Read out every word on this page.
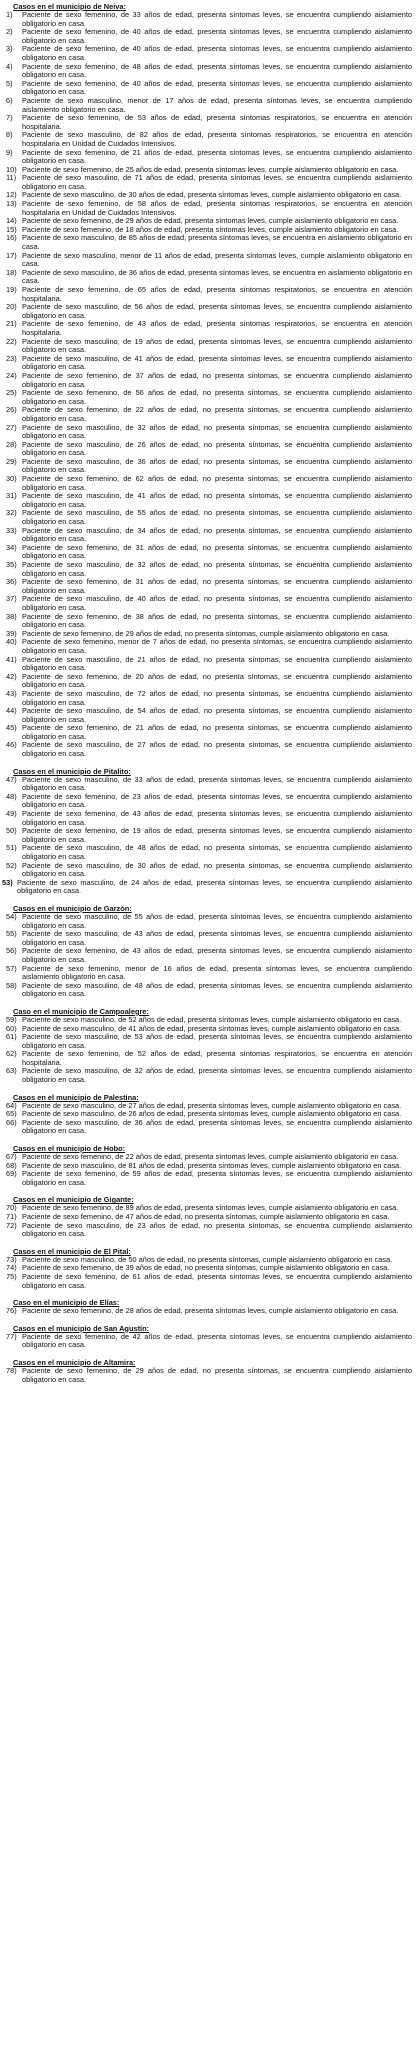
Casos en el municipio de Neiva:
1) Paciente de sexo femenino, de 33 años de edad, presenta síntomas leves, se encuentra cumpliendo aislamiento obligatorio en casa.
2) Paciente de sexo femenino, de 40 años de edad, presenta síntomas leves, se encuentra cumpliendo aislamiento obligatorio en casa.
3) Paciente de sexo femenino, de 40 años de edad, presenta síntomas leves, se encuentra cumpliendo aislamiento obligatorio en casa.
4) Paciente de sexo femenino, de 48 años de edad, presenta síntomas leves, se encuentra cumpliendo aislamiento obligatorio en casa.
5) Paciente de sexo femenino, de 40 años de edad, presenta síntomas leves, se encuentra cumpliendo aislamiento obligatorio en casa.
6) Paciente de sexo masculino, menor de 17 años de edad, presenta síntomas leves, se encuentra cumpliendo aislamiento obligatorio en casa.
7) Paciente de sexo femenino, de 53 años de edad, presenta síntomas respiratorios, se encuentra en atención hospitalaria.
8) Paciente de sexo masculino, de 82 años de edad, presenta síntomas respiratorios, se encuentra en atención hospitalaria en Unidad de Cuidados Intensivos.
9) Paciente de sexo femenino, de 21 años de edad, presenta síntomas leves, se encuentra cumpliendo aislamiento obligatorio en casa.
10) Paciente de sexo femenino, de 25 años de edad, presenta síntomas leves, cumple aislamiento obligatorio en casa.
11) Paciente de sexo masculino, de 71 años de edad, presenta síntomas leves, se encuentra cumpliendo aislamiento obligatorio en casa.
12) Paciente de sexo masculino, de 30 años de edad, presenta síntomas leves, cumple aislamiento obligatorio en casa.
13) Paciente de sexo femenino, de 58 años de edad, presenta síntomas respiratorios, se encuentra en atención hospitalaria en Unidad de Cuidados Intensivos.
14) Paciente de sexo femenino, de 29 años de edad, presenta síntomas leves, cumple aislamiento obligatorio en casa.
15) Paciente de sexo femenino, de 18 años de edad, presenta síntomas leves, cumple aislamiento obligatorio en casa.
16) Paciente de sexo masculino, de 85 años de edad, presenta síntomas leves, se encuentra en aislamiento obligatorio en casa.
17) Paciente de sexo masculino, menor de 11 años de edad, presenta síntomas leves, cumple aislamiento obligatorio en casa.
18) Paciente de sexo masculino, de 36 años de edad, presenta síntomas leves, se encuentra en aislamiento obligatorio en casa.
19) Paciente de sexo femenino, de 65 años de edad, presenta síntomas respiratorios, se encuentra en atención hospitalaria.
20) Paciente de sexo masculino, de 56 años de edad, presenta síntomas leves, se encuentra cumpliendo aislamiento obligatorio en casa.
21) Paciente de sexo femenino, de 43 años de edad, presenta síntomas respiratorios, se encuentra en atención hospitalaria.
22) Paciente de sexo masculino, de 19 años de edad, presenta síntomas leves, se encuentra cumpliendo aislamiento obligatorio en casa.
23) Paciente de sexo masculino, de 41 años de edad, presenta síntomas leves, se encuentra cumpliendo aislamiento obligatorio en casa.
24) Paciente de sexo femenino, de 37 años de edad, no presenta síntomas, se encuentra cumpliendo aislamiento obligatorio en casa.
25) Paciente de sexo femenino, de 56 años de edad, no presenta síntomas, se encuentra cumpliendo aislamiento obligatorio en casa.
26) Paciente de sexo femenino, de 22 años de edad, no presenta síntomas, se encuentra cumpliendo aislamiento obligatorio en casa.
27) Paciente de sexo masculino, de 32 años de edad, no presenta síntomas, se encuentra cumpliendo aislamiento obligatorio en casa.
28) Paciente de sexo masculino, de 26 años de edad, no presenta síntomas, se encuentra cumpliendo aislamiento obligatorio en casa.
29) Paciente de sexo masculino, de 36 años de edad, no presenta síntomas, se encuentra cumpliendo aislamiento obligatorio en casa.
30) Paciente de sexo femenino, de 62 años de edad, no presenta síntomas, se encuentra cumpliendo aislamiento obligatorio en casa.
31) Paciente de sexo masculino, de 41 años de edad, no presenta síntomas, se encuentra cumpliendo aislamiento obligatorio en casa.
32) Paciente de sexo masculino, de 55 años de edad, no presenta síntomas, se encuentra cumpliendo aislamiento obligatorio en casa.
33) Paciente de sexo masculino, de 34 años de edad, no presenta síntomas, se encuentra cumpliendo aislamiento obligatorio en casa.
34) Paciente de sexo femenino, de 31 años de edad, no presenta síntomas, se encuentra cumpliendo aislamiento obligatorio en casa.
35) Paciente de sexo masculino, de 32 años de edad, no presenta síntomas, se encuentra cumpliendo aislamiento obligatorio en casa.
36) Paciente de sexo femenino, de 31 años de edad, no presenta síntomas, se encuentra cumpliendo aislamiento obligatorio en casa.
37) Paciente de sexo masculino, de 40 años de edad, no presenta síntomas, se encuentra cumpliendo aislamiento obligatorio en casa.
38) Paciente de sexo femenino, de 38 años de edad, no presenta síntomas, se encuentra cumpliendo aislamiento obligatorio en casa.
39) Paciente de sexo femenino, de 29 años de edad, no presenta síntomas, cumple aislamiento obligatorio en casa.
40) Paciente de sexo femenino, menor de 7 años de edad, no presenta síntomas, se encuentra cumpliendo aislamiento obligatorio en casa.
41) Paciente de sexo masculino, de 21 años de edad, no presenta síntomas, se encuentra cumpliendo aislamiento obligatorio en casa.
42) Paciente de sexo femenino, de 20 años de edad, no presenta síntomas, se encuentra cumpliendo aislamiento obligatorio en casa.
43) Paciente de sexo masculino, de 72 años de edad, no presenta síntomas, se encuentra cumpliendo aislamiento obligatorio en casa.
44) Paciente de sexo masculino, de 54 años de edad, no presenta síntomas, se encuentra cumpliendo aislamiento obligatorio en casa.
45) Paciente de sexo femenino, de 21 años de edad, no presenta síntomas, se encuentra cumpliendo aislamiento obligatorio en casa.
46) Paciente de sexo masculino, de 27 años de edad, no presenta síntomas, se encuentra cumpliendo aislamiento obligatorio en casa.
Casos en el municipio de Pitalito:
47) Paciente de sexo masculino, de 33 años de edad, presenta síntomas leves, se encuentra cumpliendo aislamiento obligatorio en casa.
48) Paciente de sexo femenino, de 23 años de edad, presenta síntomas leves, se encuentra cumpliendo aislamiento obligatorio en casa.
49) Paciente de sexo femenino, de 43 años de edad, presenta síntomas leves, se encuentra cumpliendo aislamiento obligatorio en casa.
50) Paciente de sexo femenino, de 19 años de edad, presenta síntomas leves, se encuentra cumpliendo aislamiento obligatorio en casa.
51) Paciente de sexo masculino, de 48 años de edad, no presenta síntomas, se encuentra cumpliendo aislamiento obligatorio en casa.
52) Paciente de sexo masculino, de 30 años de edad, no presenta síntomas, se encuentra cumpliendo aislamiento obligatorio en casa.
53) Paciente de sexo masculino, de 24 años de edad, presenta síntomas leves, se encuentra cumpliendo aislamiento obligatorio en casa.
Casos en el municipio de Garzón:
54) Paciente de sexo masculino, de 55 años de edad, presenta síntomas leves, se encuentra cumpliendo aislamiento obligatorio en casa.
55) Paciente de sexo masculino, de 43 años de edad, presenta síntomas leves, se encuentra cumpliendo aislamiento obligatorio en casa.
56) Paciente de sexo femenino, de 43 años de edad, presenta síntomas leves, se encuentra cumpliendo aislamiento obligatorio en casa.
57) Paciente de sexo femenino, menor de 16 años de edad, presenta síntomas leves, se encuentra cumpliendo aislamiento obligatorio en casa.
58) Paciente de sexo masculino, de 48 años de edad, presenta síntomas leves, se encuentra cumpliendo aislamiento obligatorio en casa.
Caso en el municipio de Campoalegre:
59) Paciente de sexo masculino, de 52 años de edad, presenta síntomas leves, cumple aislamiento obligatorio en casa.
60) Paciente de sexo masculino, de 41 años de edad, presenta síntomas leves, cumple aislamiento obligatorio en casa.
61) Paciente de sexo masculino, de 53 años de edad, presenta síntomas leves, se encuentra cumpliendo aislamiento obligatorio en casa.
62) Paciente de sexo femenino, de 52 años de edad, presenta síntomas respiratorios, se encuentra en atención hospitalaria.
63) Paciente de sexo masculino, de 32 años de edad, presenta síntomas leves, se encuentra cumpliendo aislamiento obligatorio en casa.
Casos en el municipio de Palestina:
64) Paciente de sexo masculino, de 27 años de edad, presenta síntomas leves, cumple aislamiento obligatorio en casa.
65) Paciente de sexo masculino, de 26 años de edad, presenta síntomas leves, cumple aislamiento obligatorio en casa.
66) Paciente de sexo masculino, de 36 años de edad, presenta síntomas leves, se encuentra cumpliendo aislamiento obligatorio en casa.
Casos en el municipio de Hobo:
67) Paciente de sexo femenino, de 22 años de edad, presenta síntomas leves, cumple aislamiento obligatorio en casa.
68) Paciente de sexo masculino, de 81 años de edad, presenta síntomas leves, cumple aislamiento obligatorio en casa.
69) Paciente de sexo femenino, de 59 años de edad, presenta síntomas leves, se encuentra cumpliendo aislamiento obligatorio en casa.
Casos en el municipio de Gigante:
70) Paciente de sexo femenino, de 89 años de edad, presenta síntomas leves, cumple aislamiento obligatorio en casa.
71) Paciente de sexo femenino, de 47 años de edad, no presenta síntomas, cumple aislamiento obligatorio en casa.
72) Paciente de sexo masculino, de 23 años de edad, no presenta síntomas, se encuentra cumpliendo aislamiento obligatorio en casa.
Casos en el municipio de El Pital:
73) Paciente de sexo masculino, de 50 años de edad, no presenta síntomas, cumple aislamiento obligatorio en casa.
74) Paciente de sexo femenino, de 39 años de edad, no presenta síntomas, cumple aislamiento obligatorio en casa.
75) Paciente de sexo femenino, de 61 años de edad, presenta síntomas leves, se encuentra cumpliendo aislamiento obligatorio en casa.
Caso en el municipio de Elías:
76) Paciente de sexo femenino, de 28 años de edad, presenta síntomas leves, cumple aislamiento obligatorio en casa.
Casos en el municipio de San Agustín:
77) Paciente de sexo femenino, de 42 años de edad, presenta síntomas leves, se encuentra cumpliendo aislamiento obligatorio en casa.
Casos en el municipio de Altamira:
78) Paciente de sexo femenino, de 29 años de edad, no presenta síntomas, se encuentra cumpliendo aislamiento obligatorio en casa.
